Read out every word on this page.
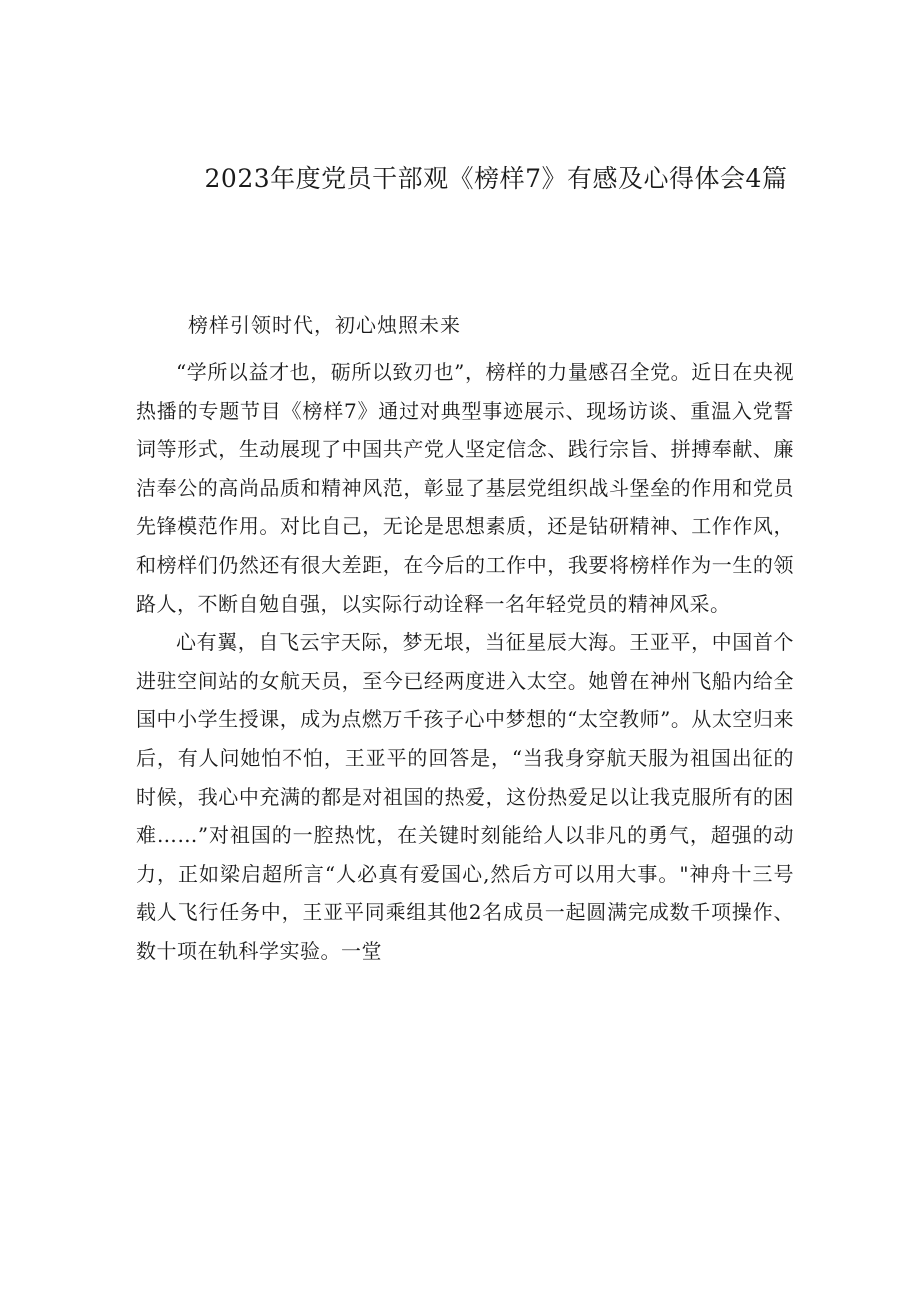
2023年度党员干部观《榜样7》有感及心得体会4篇

榜样引领时代，初心烛照未来

“学所以益才也，砺所以致刃也”，榜样的力量感召全党。近日在央视热播的专题节目《榜样7》通过对典型事迹展示、现场访谈、重温入党誓词等形式，生动展现了中国共产党人坚定信念、践行宗旨、拼搏奉献、廉洁奉公的高尚品质和精神风范，彰显了基层党组织战斗堡垒的作用和党员先锋模范作用。对比自己，无论是思想素质，还是钻研精神、工作作风，和榜样们仍然还有很大差距，在今后的工作中，我要将榜样作为一生的领路人，不断自勉自强，以实际行动诠释一名年轻党员的精神风采。

心有翼，自飞云宇天际，梦无垠，当征星辰大海。王亚平，中国首个进驻空间站的女航天员，至今已经两度进入太空。她曾在神州飞船内给全国中小学生授课，成为点燃万千孩子心中梦想的“太空教师”。从太空归来后，有人问她怕不怕，王亚平的回答是，“当我身穿航天服为祖国出征的时候，我心中充满的都是对祖国的热爱，这份热爱足以让我克服所有的困难……”对祖国的一腔热忱，在关键时刻能给人以非凡的勇气，超强的动力，正如梁启超所言“人必真有爱国心,然后方可以用大事。"神舟十三号载人飞行任务中，王亚平同乘组其他2名成员一起圆满完成数千项操作、数十项在轨科学实验。一堂
